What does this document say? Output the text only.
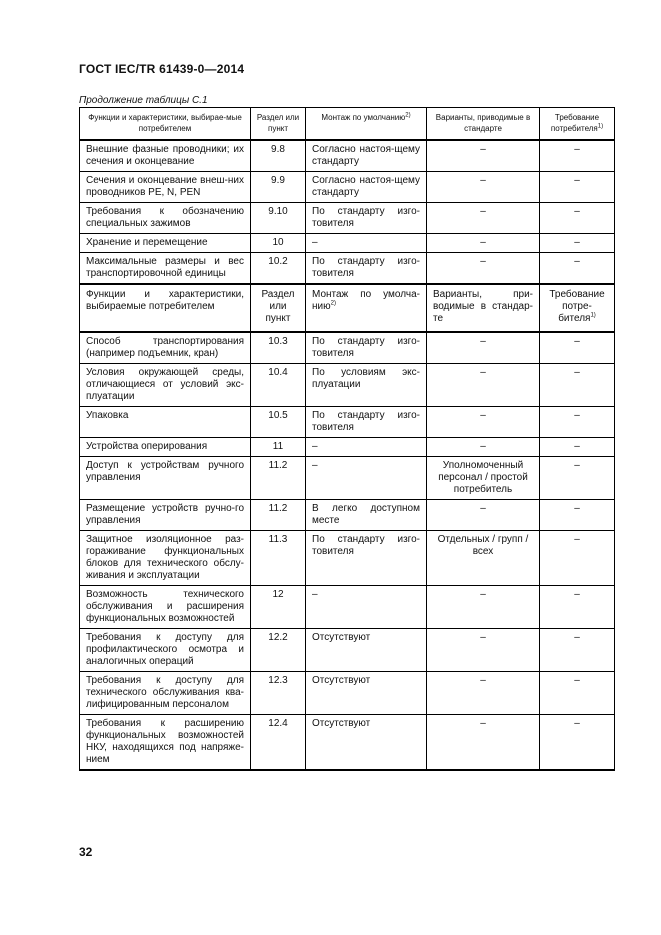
ГОСТ IEC/TR 61439-0—2014
Продолжение таблицы С.1
Функции и характеристики, выбирае-мые потребителем	Раздел или пункт	Монтаж по умолчанию$^{2)}$	Варианты, приводимые в стандарте	Требование потребителя$^{1)}$
Внешние фазные проводники; их сечения и оконцевание	9.8	Согласно настоя-щему стандарту	–	–
Сечения и оконцевание внеш-них проводников PE, N, PEN	9.9	Согласно настоя-щему стандарту	–	–
Требования к обозначению специальных зажимов	9.10	По стандарту изго-товителя	–	–
Хранение и перемещение	10	–	–	–
Максимальные размеры и вес транспортировочной единицы	10.2	По стандарту изго-товителя	–	–
Функции и характеристики, выбираемые потребителем	Раздел или пункт	Монтаж по умолча-нию$^{2)}$	Варианты, при-водимые в стандар-те	Требование потре-бителя$^{1)}$
Способ транспортирования (например подъемник, кран)	10.3	По стандарту изго-товителя	–	–
Условия окружающей среды, отличающиеся от условий экс-плуатации	10.4	По условиям экс-плуатации	–	–
Упаковка	10.5	По стандарту изго-товителя	–	–
Устройства оперирования	11	–	–	–
Доступ к устройствам ручного управления	11.2	–	Уполномоченный персонал / простой потребитель	–
Размещение устройств ручно-го управления	11.2	В легко доступном месте	–	–
Защитное изоляционное раз-гораживание функциональных блоков для технического обслу-живания и эксплуатации	11.3	По стандарту изго-товителя	Отдельных / групп / всех	–
Возможность технического обслуживания и расширения функциональных возможностей	12	–	–	–
Требования к доступу для профилактического осмотра и аналогичных операций	12.2	Отсутствуют	–	–
Требования к доступу для технического обслуживания ква-лифицированным персоналом	12.3	Отсутствуют	–	–
Требования к расширению функциональных возможностей НКУ, находящихся под напряже-нием	12.4	Отсутствуют	–	–
32
